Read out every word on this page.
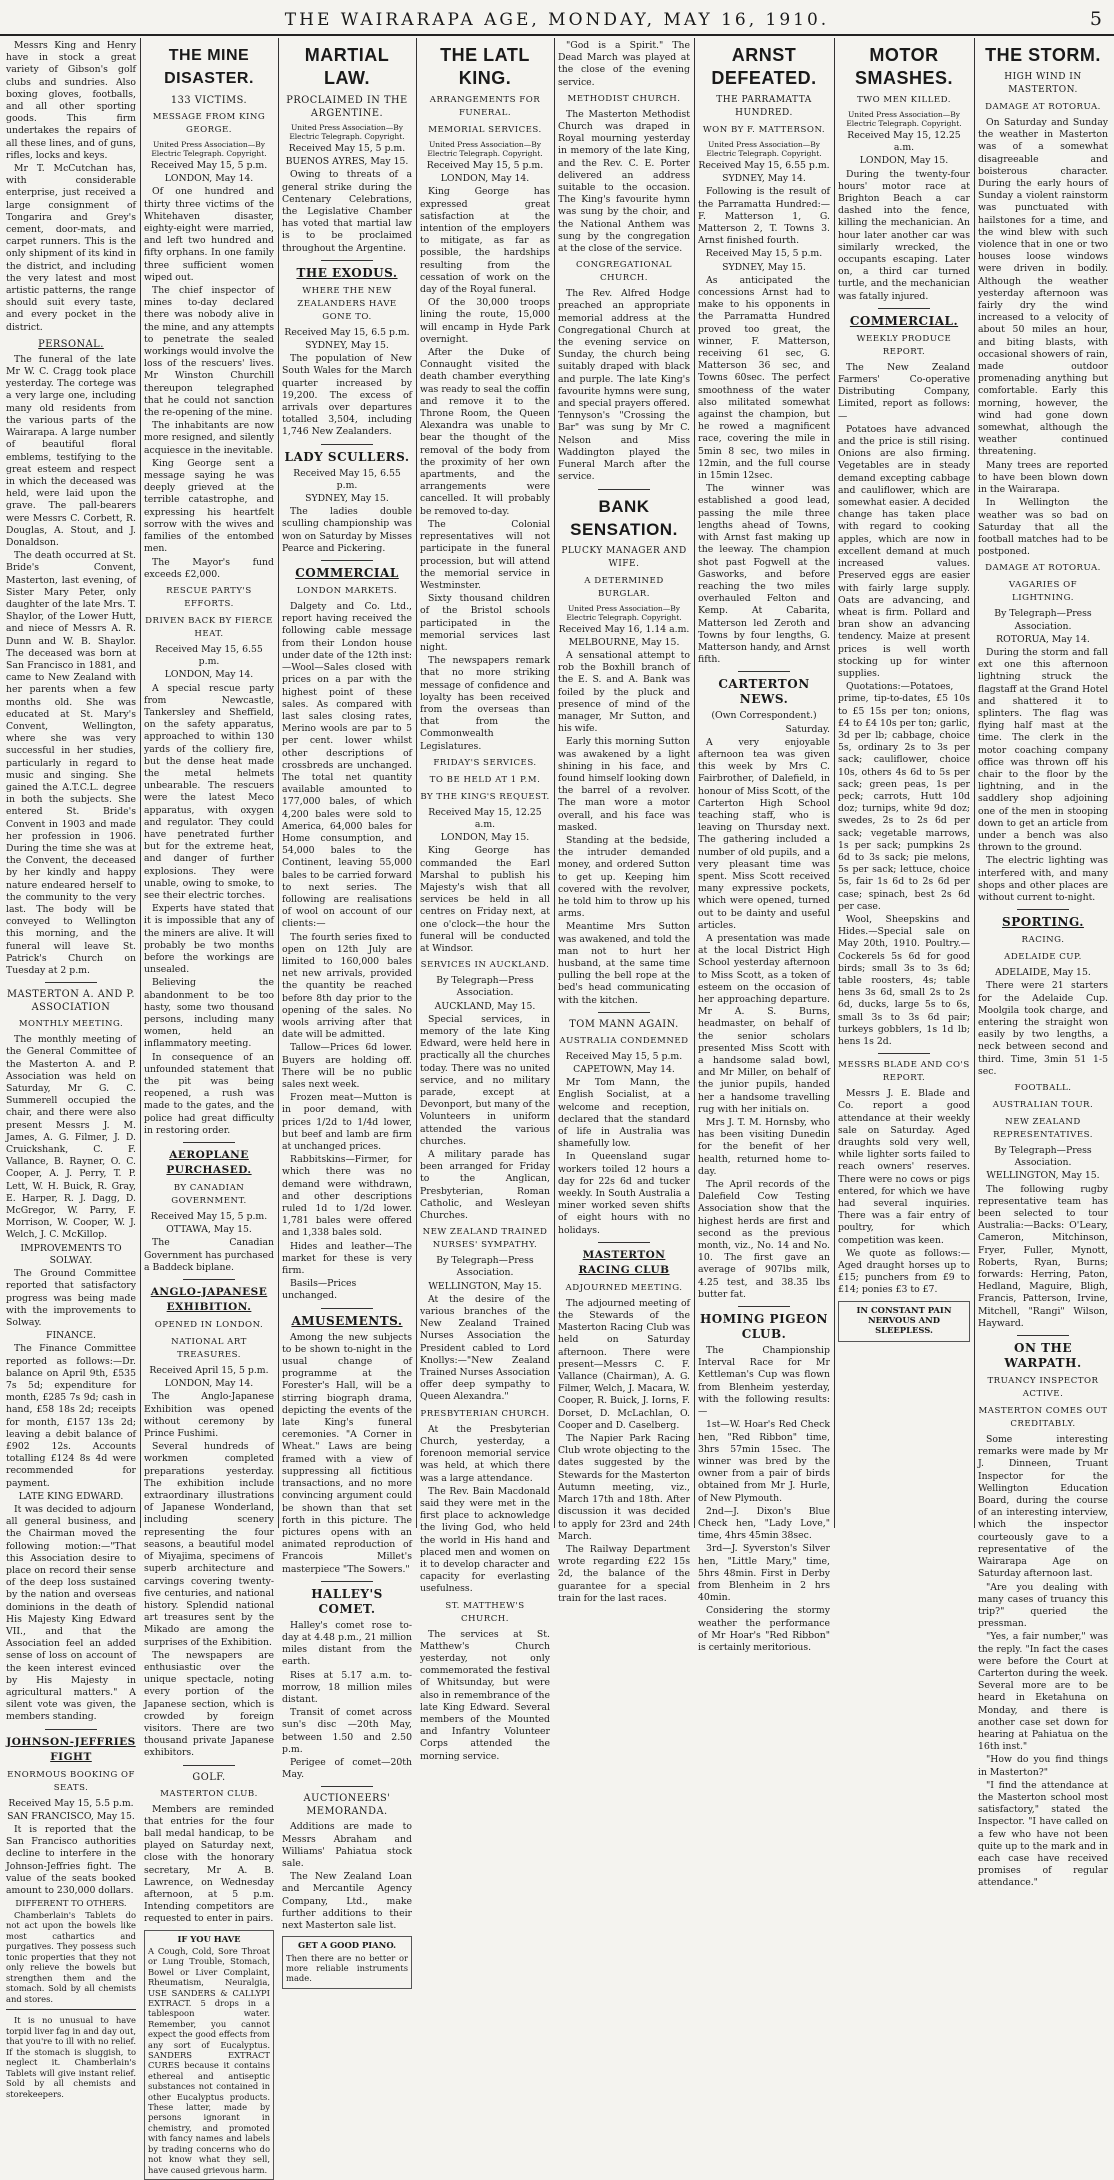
THE WAIRARAPA AGE, MONDAY, MAY 16, 1910.	5

Messrs King and Henry have in stock a great variety of Gibson's golf clubs and sundries. Also boxing gloves, footballs, and all other sporting goods. This firm undertakes the repairs of all these lines, and of guns, rifles, locks and keys.

Mr T. McCutchan has, with considerable enterprise, just received a large consignment of Tongarira and Grey's cement, door-mats, and carpet runners. This is the only shipment of its kind in the district, and including the very latest and most artistic patterns, the range should suit every taste, and every pocket in the district.

PERSONAL.

The funeral of the late Mr W. C. Cragg took place yesterday. The cortege was a very large one, including many old residents from the various parts of the Wairarapa. A large number of beautiful floral emblems, testifying to the great esteem and respect in which the deceased was held, were laid upon the grave. The pall-bearers were Messrs C. Corbett, R. Douglas, A. Stout, and J. Donaldson.

The death occurred at St. Bride's Convent, Masterton, last evening, of Sister Mary Peter, only daughter of the late Mrs. T. Shaylor, of the Lower Hutt, and niece of Messrs A. R. Dunn and W. B. Shaylor. The deceased was born at San Francisco in 1881, and came to New Zealand with her parents when a few months old. She was educated at St. Mary's Convent, Wellington, where she was very successful in her studies, particularly in regard to music and singing. She gained the A.T.C.L. degree in both the subjects. She entered St. Bride's Convent in 1903 and made her profession in 1906. During the time she was at the Convent, the deceased by her kindly and happy nature endeared herself to the community to the very last. The body will be conveyed to Wellington this morning, and the funeral will leave St. Patrick's Church on Tuesday at 2 p.m.

MASTERTON A. AND P. ASSOCIATION
MONTHLY MEETING.

The monthly meeting of the General Committee of the Masterton A. and P. Association was held on Saturday, Mr G. C. Summerell occupied the chair, and there were also present Messrs J. M. James, A. G. Filmer, J. D. Cruickshank, C. F. Vallance, B. Rayner, O. C. Cooper, A. J. Perry, T. P. Lett, W. H. Buick, R. Gray, E. Harper, R. J. Dagg, D. McGregor, W. Parry, F. Morrison, W. Cooper, W. J. Welch, J. C. McKillop.

IMPROVEMENTS TO SOLWAY.

The Ground Committee reported that satisfactory progress was being made with the improvements to Solway.

FINANCE.

The Finance Committee reported as follows:—Dr. balance on April 9th, £535 7s 5d; expenditure for month, £285 7s 9d; cash in hand, £58 18s 2d; receipts for month, £157 13s 2d; leaving a debit balance of £902 12s. Accounts totalling £124 8s 4d were recommended for payment.

LATE KING EDWARD.

It was decided to adjourn all general business, and the Chairman moved the following motion:—"That this Association desire to place on record their sense of the deep loss sustained by the nation and overseas dominions in the death of His Majesty King Edward VII., and that the Association feel an added sense of loss on account of the keen interest evinced by His Majesty in agricultural matters." A silent vote was given, the members standing.

JOHNSON-JEFFRIES FIGHT
ENORMOUS BOOKING OF SEATS.
Received May 15, 5.5 p.m.
SAN FRANCISCO, May 15.

It is reported that the San Francisco authorities decline to interfere in the Johnson-Jeffries fight. The value of the seats booked amount to 230,000 dollars.

DIFFERENT TO OTHERS.

Chamberlain's Tablets do not act upon the bowels like most cathartics and purgatives. They possess such tonic properties that they not only relieve the bowels but strengthen them and the stomach. Sold by all chemists and stores.

It is no unusual to have torpid liver fag in and day out, that you're to ill with no relief. If the stomach is sluggish, to neglect it. Chamberlain's Tablets will give instant relief. Sold by all chemists and storekeepers.

THE MINE DISASTER.
133 VICTIMS.
MESSAGE FROM KING GEORGE.
United Press Association—By Electric Telegraph. Copyright.
Received May 15, 5 p.m.
LONDON, May 14.

Of one hundred and thirty three victims of the Whitehaven disaster, eighty-eight were married, and left two hundred and fifty orphans. In one family three sufficient women wiped out.

The chief inspector of mines to-day declared there was nobody alive in the mine, and any attempts to penetrate the sealed workings would involve the loss of the rescuers' lives. Mr Winston Churchill thereupon telegraphed that he could not sanction the re-opening of the mine.

The inhabitants are now more resigned, and silently acquiesce in the inevitable.

King George sent a message saying he was deeply grieved at the terrible catastrophe, and expressing his heartfelt sorrow with the wives and families of the entombed men.

The Mayor's fund exceeds £2,000.

RESCUE PARTY'S EFFORTS.
DRIVEN BACK BY FIERCE HEAT.
Received May 15, 6.55 p.m.
LONDON, May 14.

A special rescue party from Newcastle, Tankersley and Sheffield, on the safety apparatus, approached to within 130 yards of the colliery fire, but the dense heat made the metal helmets unbearable. The rescuers were the latest Meco apparatus, with oxygen and regulator. They could have penetrated further but for the extreme heat, and danger of further explosions. They were unable, owing to smoke, to see their electric torches.

Experts have stated that it is impossible that any of the miners are alive. It will probably be two months before the workings are unsealed.

Believing the abandonment to be too hasty, some two thousand persons, including many women, held an inflammatory meeting.

In consequence of an unfounded statement that the pit was being reopened, a rush was made to the gates, and the police had great difficulty in restoring order.

AEROPLANE PURCHASED.
BY CANADIAN GOVERNMENT.
Received May 15, 5 p.m.
OTTAWA, May 15.

The Canadian Government has purchased a Baddeck biplane.

ANGLO-JAPANESE EXHIBITION.
OPENED IN LONDON.
NATIONAL ART TREASURES.
Received April 15, 5 p.m.
LONDON, May 14.

The Anglo-Japanese Exhibition was opened without ceremony by Prince Fushimi.

Several hundreds of workmen completed preparations yesterday. The exhibition include extraordinary illustrations of Japanese Wonderland, including scenery representing the four seasons, a beautiful model of Miyajima, specimens of superb architecture and carvings covering twenty-five centuries, and national history. Splendid national art treasures sent by the Mikado are among the surprises of the Exhibition.

The newspapers are enthusiastic over the unique spectacle, noting every portion of the Japanese section, which is crowded by foreign visitors. There are two thousand private Japanese exhibitors.

GOLF.
MASTERTON CLUB.

Members are reminded that entries for the four ball medal handicap, to be played on Saturday next, close with the honorary secretary, Mr A. B. Lawrence, on Wednesday afternoon, at 5 p.m. Intending competitors are requested to enter in pairs.

IF YOU HAVE

A Cough, Cold, Sore Throat or Lung Trouble, Stomach, Bowel or Liver Complaint, Rheumatism, Neuralgia, USE SANDERS & CALLYPI EXTRACT. 5 drops in a tablespoon water. Remember, you cannot expect the good effects from any sort of Eucalyptus. SANDERS EXTRACT CURES because it contains ethereal and antiseptic substances not contained in other Eucalyptus products. These latter, made by persons ignorant in chemistry, and promoted with fancy names and labels by trading concerns who do not know what they sell, have caused grievous harm.

MARTIAL LAW.
PROCLAIMED IN THE ARGENTINE.
United Press Association—By Electric Telegraph. Copyright.
Received May 15, 5 p.m.
BUENOS AYRES, May 15.

Owing to threats of a general strike during the Centenary Celebrations, the Legislative Chamber has voted that martial law is to be proclaimed throughout the Argentine.

THE EXODUS.
WHERE THE NEW ZEALANDERS HAVE GONE TO.
Received May 15, 6.5 p.m.
SYDNEY, May 15.

The population of New South Wales for the March quarter increased by 19,200. The excess of arrivals over departures totalled 3,504, including 1,746 New Zealanders.

LADY SCULLERS.
Received May 15, 6.55 p.m.
SYDNEY, May 15.

The ladies double sculling championship was won on Saturday by Misses Pearce and Pickering.

COMMERCIAL
LONDON MARKETS.

Dalgety and Co. Ltd., report having received the following cable message from their London house under date of the 12th inst:—Wool—Sales closed with prices on a par with the highest point of these sales. As compared with last sales closing rates, Merino wools are par to 5 per cent. lower whilst other descriptions of crossbreds are unchanged. The total net quantity available amounted to 177,000 bales, of which 4,200 bales were sold to America, 64,000 bales for Home consumption, and 54,000 bales to the Continent, leaving 55,000 bales to be carried forward to next series. The following are realisations of wool on account of our clients:—

The fourth series fixed to open on 12th July are limited to 160,000 bales net new arrivals, provided the quantity be reached before 8th day prior to the opening of the sales. No wools arriving after that date will be admitted.

Tallow—Prices 6d lower. Buyers are holding off. There will be no public sales next week.

Frozen meat—Mutton is in poor demand, with prices 1/2d to 1/4d lower, but beef and lamb are firm at unchanged prices.

Rabbitskins—Firmer, for which there was no demand were withdrawn, and other descriptions ruled 1d to 1/2d lower. 1,781 bales were offered and 1,338 bales sold.

Hides and leather—The market for these is very firm.

Basils—Prices unchanged.

AMUSEMENTS.

Among the new subjects to be shown to-night in the usual change of programme at the Forester's Hall, will be a stirring biograph drama, depicting the events of the late King's funeral ceremonies. "A Corner in Wheat." Laws are being framed with a view of suppressing all fictitious transactions, and no more convincing argument could be shown than that set forth in this picture. The pictures opens with an animated reproduction of Francois Millet's masterpiece "The Sowers."

HALLEY'S COMET.

Halley's comet rose to-day at 4.48 p.m., 21 million miles distant from the earth.

Rises at 5.17 a.m. to-morrow, 18 million miles distant.

Transit of comet across sun's disc —20th May, between 1.50 and 2.50 p.m.

Perigee of comet—20th May.

AUCTIONEERS' MEMORANDA.

Additions are made to Messrs Abraham and Williams' Pahiatua stock sale.

The New Zealand Loan and Mercantile Agency Company, Ltd., make further additions to their next Masterton sale list.

GET A GOOD PIANO.

Then there are no better or more reliable instruments made.

THE LATL KING.
ARRANGEMENTS FOR FUNERAL.
MEMORIAL SERVICES.
United Press Association—By Electric Telegraph. Copyright.
Received May 15, 5 p.m.
LONDON, May 14.

King George has expressed great satisfaction at the intention of the employers to mitigate, as far as possible, the hardships resulting from the cessation of work on the day of the Royal funeral.

Of the 30,000 troops lining the route, 15,000 will encamp in Hyde Park overnight.

After the Duke of Connaught visited the death chamber everything was ready to seal the coffin and remove it to the Throne Room, the Queen Alexandra was unable to bear the thought of the removal of the body from the proximity of her own apartments, and the arrangements were cancelled. It will probably be removed to-day.

The Colonial representatives will not participate in the funeral procession, but will attend the memorial service in Westminster.

Sixty thousand children of the Bristol schools participated in the memorial services last night.

The newspapers remark that no more striking message of confidence and loyalty has been received from the overseas than that from the Commonwealth Legislatures.

FRIDAY'S SERVICES.
TO BE HELD AT 1 P.M.
BY THE KING'S REQUEST.
Received May 15, 12.25 a.m.
LONDON, May 15.

King George has commanded the Earl Marshal to publish his Majesty's wish that all services be held in all centres on Friday next, at one o'clock—the hour the funeral will be conducted at Windsor.

SERVICES IN AUCKLAND.
By Telegraph—Press Association.
AUCKLAND, May 15.

Special services, in memory of the late King Edward, were held here in practically all the churches today. There was no united service, and no military parade, except at Devonport, but many of the Volunteers in uniform attended the various churches.

A military parade has been arranged for Friday to the Anglican, Presbyterian, Roman Catholic, and Wesleyan Churches.

NEW ZEALAND TRAINED NURSES' SYMPATHY.
By Telegraph—Press Association.
WELLINGTON, May 15.

At the desire of the various branches of the New Zealand Trained Nurses Association the President cabled to Lord Knollys:—"New Zealand Trained Nurses Association offer deep sympathy to Queen Alexandra."

PRESBYTERIAN CHURCH.

At the Presbyterian Church, yesterday, a forenoon memorial service was held, at which there was a large attendance.

The Rev. Bain Macdonald said they were met in the first place to acknowledge the living God, who held the world in His hand and placed men and women on it to develop character and capacity for everlasting usefulness.

ST. MATTHEW'S CHURCH.

The services at St. Matthew's Church yesterday, not only commemorated the festival of Whitsunday, but were also in remembrance of the late King Edward. Several members of the Mounted and Infantry Volunteer Corps attended the morning service.

"God is a Spirit." The Dead March was played at the close of the evening service.

METHODIST CHURCH.

The Masterton Methodist Church was draped in Royal mourning yesterday in memory of the late King, and the Rev. C. E. Porter delivered an address suitable to the occasion. The King's favourite hymn was sung by the choir, and the National Anthem was sung by the congregation at the close of the service.

CONGREGATIONAL CHURCH.

The Rev. Alfred Hodge preached an appropriate memorial address at the Congregational Church at the evening service on Sunday, the church being suitably draped with black and purple. The late King's favourite hymns were sung, and special prayers offered. Tennyson's "Crossing the Bar" was sung by Mr C. Nelson and Miss Waddington played the Funeral March after the service.

BANK SENSATION.
PLUCKY MANAGER AND WIFE.
A DETERMINED BURGLAR.
United Press Association—By Electric Telegraph. Copyright.
Received May 16, 1.14 a.m.
MELBOURNE, May 15.

A sensational attempt to rob the Boxhill branch of the E. S. and A. Bank was foiled by the pluck and presence of mind of the manager, Mr Sutton, and his wife.

Early this morning Sutton was awakened by a light shining in his face, and found himself looking down the barrel of a revolver. The man wore a motor overall, and his face was masked.

Standing at the bedside, the intruder demanded money, and ordered Sutton to get up. Keeping him covered with the revolver, he told him to throw up his arms.

Meantime Mrs Sutton was awakened, and told the man not to hurt her husband, at the same time pulling the bell rope at the bed's head communicating with the kitchen.

TOM MANN AGAIN.
AUSTRALIA CONDEMNED
Received May 15, 5 p.m.
CAPETOWN, May 14.

Mr Tom Mann, the English Socialist, at a welcome and reception, declared that the standard of life in Australia was shamefully low.

In Queensland sugar workers toiled 12 hours a day for 22s 6d and tucker weekly. In South Australia a miner worked seven shifts of eight hours with no holidays.

MASTERTON RACING CLUB
ADJOURNED MEETING.

The adjourned meeting of the Stewards of the Masterton Racing Club was held on Saturday afternoon. There were present—Messrs C. F. Vallance (Chairman), A. G. Filmer, Welch, J. Macara, W. Cooper, R. Buick, J. Iorns, F. Dorset, D. McLachlan, O. Cooper and D. Caselberg.

The Napier Park Racing Club wrote objecting to the dates suggested by the Stewards for the Masterton Autumn meeting, viz., March 17th and 18th. After discussion it was decided to apply for 23rd and 24th March.

The Railway Department wrote regarding £22 15s 2d, the balance of the guarantee for a special train for the last races.

ARNST DEFEATED.
THE PARRAMATTA HUNDRED.
WON BY F. MATTERSON.
United Press Association—By Electric Telegraph. Copyright.
Received May 15, 6.55 p.m.
SYDNEY, May 14.

Following is the result of the Parramatta Hundred:—F. Matterson 1, G. Matterson 2, T. Towns 3. Arnst finished fourth.

Received May 15, 5 p.m.
SYDNEY, May 15.

As anticipated the concessions Arnst had to make to his opponents in the Parramatta Hundred proved too great, the winner, F. Matterson, receiving 61 sec, G. Matterson 36 sec, and Towns 60sec. The perfect smoothness of the water also militated somewhat against the champion, but he rowed a magnificent race, covering the mile in 5min 8 sec, two miles in 12min, and the full course in 15min 12sec.

The winner was established a good lead, passing the mile three lengths ahead of Towns, with Arnst fast making up the leeway. The champion shot past Fogwell at the Gasworks, and before reaching the two miles overhauled Felton and Kemp. At Cabarita, Matterson led Zeroth and Towns by four lengths, G. Matterson handy, and Arnst fifth.

CARTERTON NEWS.
(Own Correspondent.)
Saturday.

A very enjoyable afternoon tea was given this week by Mrs C. Fairbrother, of Dalefield, in honour of Miss Scott, of the Carterton High School teaching staff, who is leaving on Thursday next. The gathering included a number of old pupils, and a very pleasant time was spent. Miss Scott received many expressive pockets, which were opened, turned out to be dainty and useful articles.

A presentation was made at the local District High School yesterday afternoon to Miss Scott, as a token of esteem on the occasion of her approaching departure. Mr A. S. Burns, headmaster, on behalf of the senior scholars presented Miss Scott with a handsome salad bowl, and Mr Miller, on behalf of the junior pupils, handed her a handsome travelling rug with her initials on.

Mrs J. T. M. Hornsby, who has been visiting Dunedin for the benefit of her health, returned home to-day.

The April records of the Dalefield Cow Testing Association show that the highest herds are first and second as the previous month, viz., No. 14 and No. 10. The first gave an average of 907lbs milk, 4.25 test, and 38.35 lbs butter fat.

HOMING PIGEON CLUB.

The Championship Interval Race for Mr Kettleman's Cup was flown from Blenheim yesterday, with the following results:—

1st—W. Hoar's Red Check hen, "Red Ribbon" time, 3hrs 57min 15sec. The winner was bred by the owner from a pair of birds obtained from Mr J. Hurle, of New Plymouth.

2nd—J. Dixon's Blue Check hen, "Lady Love," time, 4hrs 45min 38sec.

3rd—J. Syverston's Silver hen, "Little Mary," time, 5hrs 48min. First in Derby from Blenheim in 2 hrs 40min.

Considering the stormy weather the performance of Mr Hoar's "Red Ribbon" is certainly meritorious.

MOTOR SMASHES.
TWO MEN KILLED.
United Press Association—By Electric Telegraph. Copyright.
Received May 15, 12.25 a.m.
LONDON, May 15.

During the twenty-four hours' motor race at Brighton Beach a car dashed into the fence, killing the mechanician. An hour later another car was similarly wrecked, the occupants escaping. Later on, a third car turned turtle, and the mechanician was fatally injured.

COMMERCIAL.
WEEKLY PRODUCE REPORT.

The New Zealand Farmers' Co-operative Distributing Company, Limited, report as follows:—

Potatoes have advanced and the price is still rising. Onions are also firming. Vegetables are in steady demand excepting cabbage and cauliflower, which are somewhat easier. A decided change has taken place with regard to cooking apples, which are now in excellent demand at much increased values. Preserved eggs are easier with fairly large supply. Oats are advancing, and wheat is firm. Pollard and bran show an advancing tendency. Maize at present prices is well worth stocking up for winter supplies.

Quotations:—Potatoes, prime, tip-to-dates, £5 10s to £5 15s per ton; onions, £4 to £4 10s per ton; garlic, 3d per lb; cabbage, choice 5s, ordinary 2s to 3s per sack; cauliflower, choice 10s, others 4s 6d to 5s per sack; green peas, 1s per peck; carrots, Hutt 10d doz; turnips, white 9d doz; swedes, 2s to 2s 6d per sack; vegetable marrows, 1s per sack; pumpkins 2s 6d to 3s sack; pie melons, 5s per sack; lettuce, choice 5s, fair 1s 6d to 2s 6d per case; spinach, best 2s 6d per case.

Wool, Sheepskins and Hides.—Special sale on May 20th, 1910. Poultry.—Cockerels 5s 6d for good birds; small 3s to 3s 6d; table roosters, 4s; table hens 3s 6d, small 2s to 2s 6d, ducks, large 5s to 6s, small 3s to 3s 6d pair; turkeys gobblers, 1s 1d lb; hens 1s 2d.

MESSRS BLADE AND CO'S REPORT.

Messrs J. E. Blade and Co. report a good attendance at their weekly sale on Saturday. Aged draughts sold very well, while lighter sorts failed to reach owners' reserves. There were no cows or pigs entered, for which we have had several inquiries. There was a fair entry of poultry, for which competition was keen.

We quote as follows:—Aged draught horses up to £15; punchers from £9 to £14; ponies £3 to £7.

IN CONSTANT PAIN NERVOUS AND SLEEPLESS.
THE STORM.
HIGH WIND IN MASTERTON.
DAMAGE AT ROTORUA.

On Saturday and Sunday the weather in Masterton was of a somewhat disagreeable and boisterous character. During the early hours of Sunday a violent rainstorm was punctuated with hailstones for a time, and the wind blew with such violence that in one or two houses loose windows were driven in bodily. Although the weather yesterday afternoon was fairly dry the wind increased to a velocity of about 50 miles an hour, and biting blasts, with occasional showers of rain, made outdoor promenading anything but comfortable. Early this morning, however, the wind had gone down somewhat, although the weather continued threatening.

Many trees are reported to have been blown down in the Wairarapa.

In Wellington the weather was so bad on Saturday that all the football matches had to be postponed.

DAMAGE AT ROTORUA.
VAGARIES OF LIGHTNING.
By Telegraph—Press Association.
ROTORUA, May 14.

During the storm and fall ext one this afternoon lightning struck the flagstaff at the Grand Hotel and shattered it to splinters. The flag was flying half mast at the time. The clerk in the motor coaching company office was thrown off his chair to the floor by the lightning, and in the saddlery shop adjoining one of the men in stooping down to get an article from under a bench was also thrown to the ground.

The electric lighting was interfered with, and many shops and other places are without current to-night.

SPORTING.
RACING.
ADELAIDE CUP.
ADELAIDE, May 15.

There were 21 starters for the Adelaide Cup. Moolgila took charge, and entering the straight won easily by two lengths, a neck between second and third. Time, 3min 51 1-5 sec.

FOOTBALL.
AUSTRALIAN TOUR.
NEW ZEALAND REPRESENTATIVES.
By Telegraph—Press Association.
WELLINGTON, May 15.

The following rugby representative team has been selected to tour Australia:—Backs: O'Leary, Cameron, Mitchinson, Fryer, Fuller, Mynott, Roberts, Ryan, Burns; forwards: Herring, Paton, Hedland, Maguire, Bligh, Francis, Patterson, Irvine, Mitchell, "Rangi" Wilson, Hayward.

ON THE WARPATH.
TRUANCY INSPECTOR ACTIVE.
MASTERTON COMES OUT CREDITABLY.

Some interesting remarks were made by Mr J. Dinneen, Truant Inspector for the Wellington Education Board, during the course of an interesting interview, which the inspector courteously gave to a representative of the Wairarapa Age on Saturday afternoon last.

"Are you dealing with many cases of truancy this trip?" queried the pressman.

"Yes, a fair number," was the reply. "In fact the cases were before the Court at Carterton during the week. Several more are to be heard in Eketahuna on Monday, and there is another case set down for hearing at Pahiatua on the 16th inst."

"How do you find things in Masterton?"

"I find the attendance at the Masterton school most satisfactory," stated the Inspector. "I have called on a few who have not been quite up to the mark and in each case have received promises of regular attendance."
